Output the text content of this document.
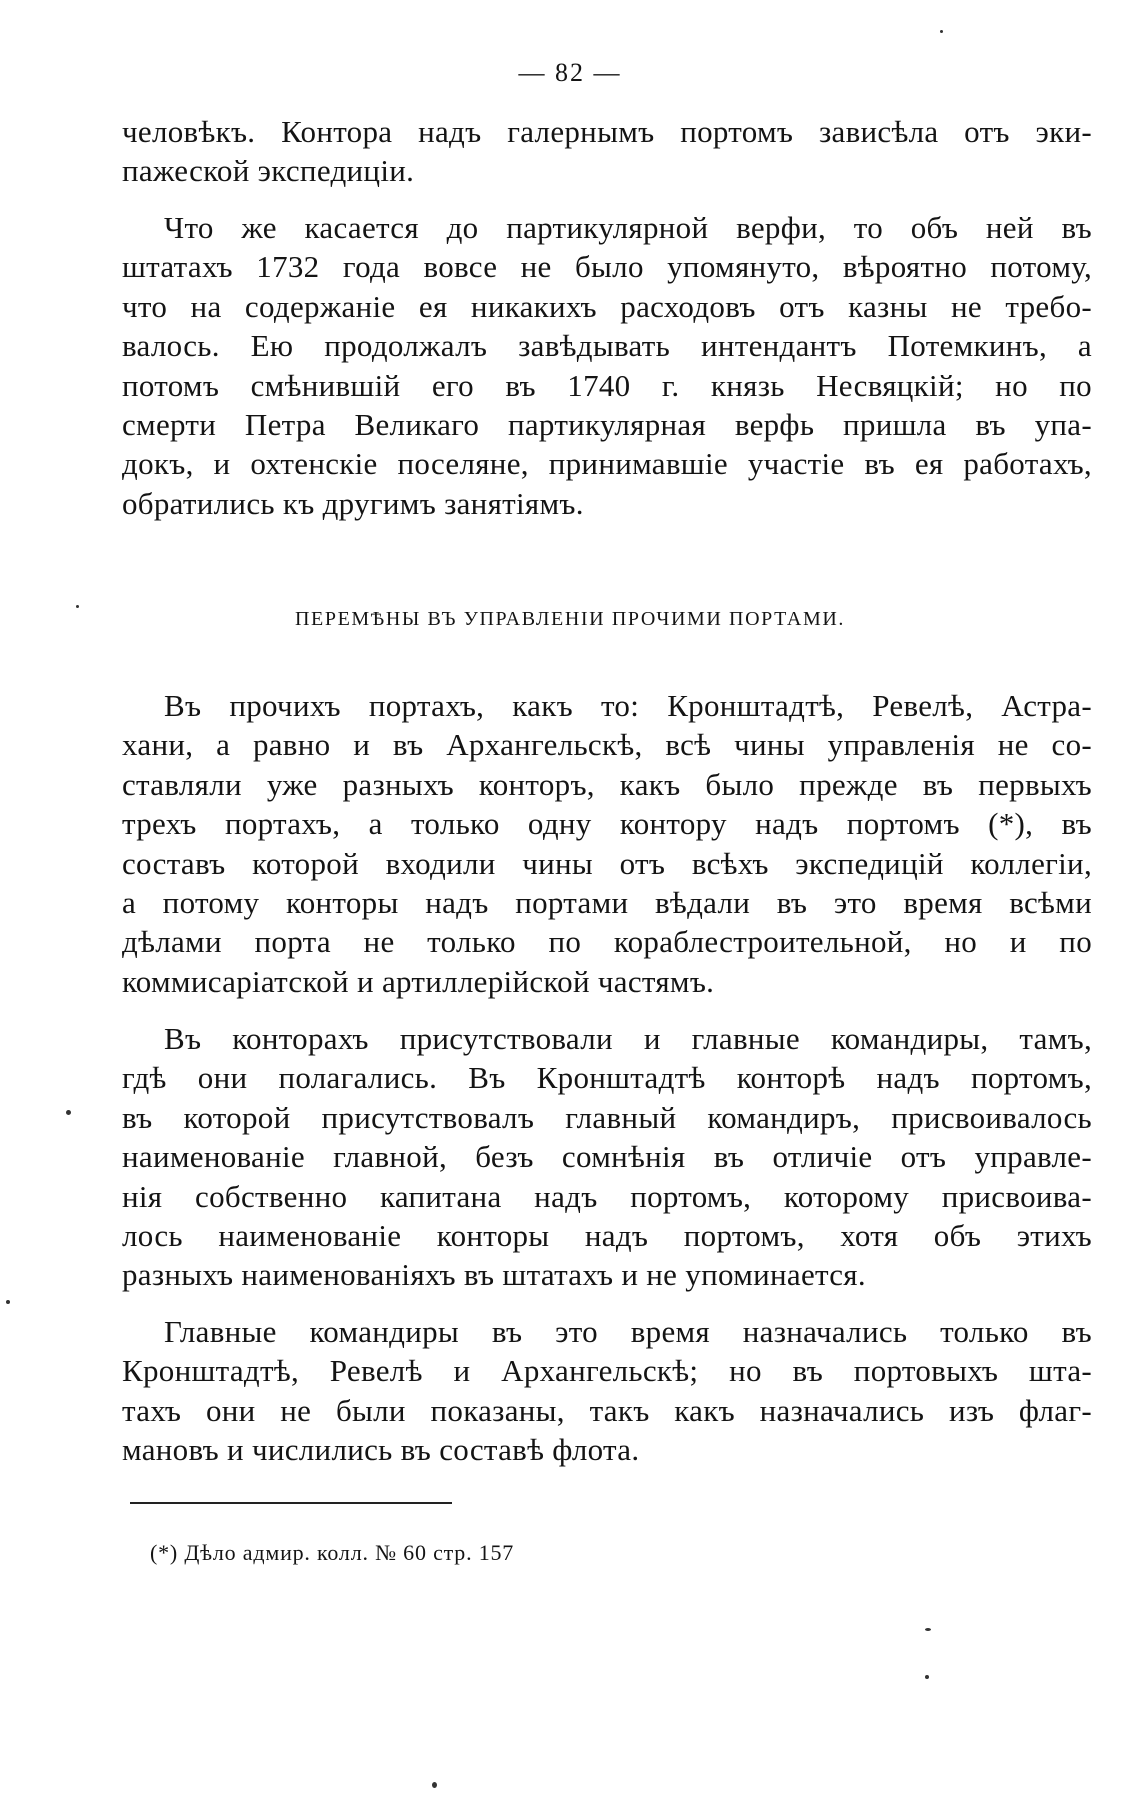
— 82 —

человѣкъ. Контора надъ галернымъ портомъ зависѣла отъ эки-
пажеской экспедиціи.

Что же касается до партикулярной верфи, то объ ней въ
штатахъ 1732 года вовсе не было упомянуто, вѣроятно потому,
что на содержаніе ея никакихъ расходовъ отъ казны не требо-
валось. Ею продолжалъ завѣдывать интендантъ Потемкинъ, а
потомъ смѣнившій его въ 1740 г. князь Несвяцкій; но по
смерти Петра Великаго партикулярная верфь пришла въ упа-
докъ, и охтенскіе поселяне, принимавшіе участіе въ ея работахъ,
обратились къ другимъ занятіямъ.

ПЕРЕМѢНЫ ВЪ УПРАВЛЕНІИ ПРОЧИМИ ПОРТАМИ.

Въ прочихъ портахъ, какъ то: Кронштадтѣ, Ревелѣ, Астра-
хани, а равно и въ Архангельскѣ, всѣ чины управленія не со-
ставляли уже разныхъ конторъ, какъ было прежде въ первыхъ
трехъ портахъ, а только одну контору надъ портомъ (*), въ
составъ которой входили чины отъ всѣхъ экспедицій коллегіи,
а потому конторы надъ портами вѣдали въ это время всѣми
дѣлами порта не только по кораблестроительной, но и по
коммисаріатской и артиллерійской частямъ.

Въ конторахъ присутствовали и главные командиры, тамъ,
гдѣ они полагались. Въ Кронштадтѣ конторѣ надъ портомъ,
въ которой присутствовалъ главный командиръ, присвоивалось
наименованіе главной, безъ сомнѣнія въ отличіе отъ управле-
нія собственно капитана надъ портомъ, которому присвоива-
лось наименованіе конторы надъ портомъ, хотя объ этихъ
разныхъ наименованіяхъ въ штатахъ и не упоминается.

Главные командиры въ это время назначались только въ
Кронштадтѣ, Ревелѣ и Архангельскѣ; но въ портовыхъ шта-
тахъ они не были показаны, такъ какъ назначались изъ флаг-
мановъ и числились въ составѣ флота.

(*) Дѣло адмир. колл. № 60 стр. 157
